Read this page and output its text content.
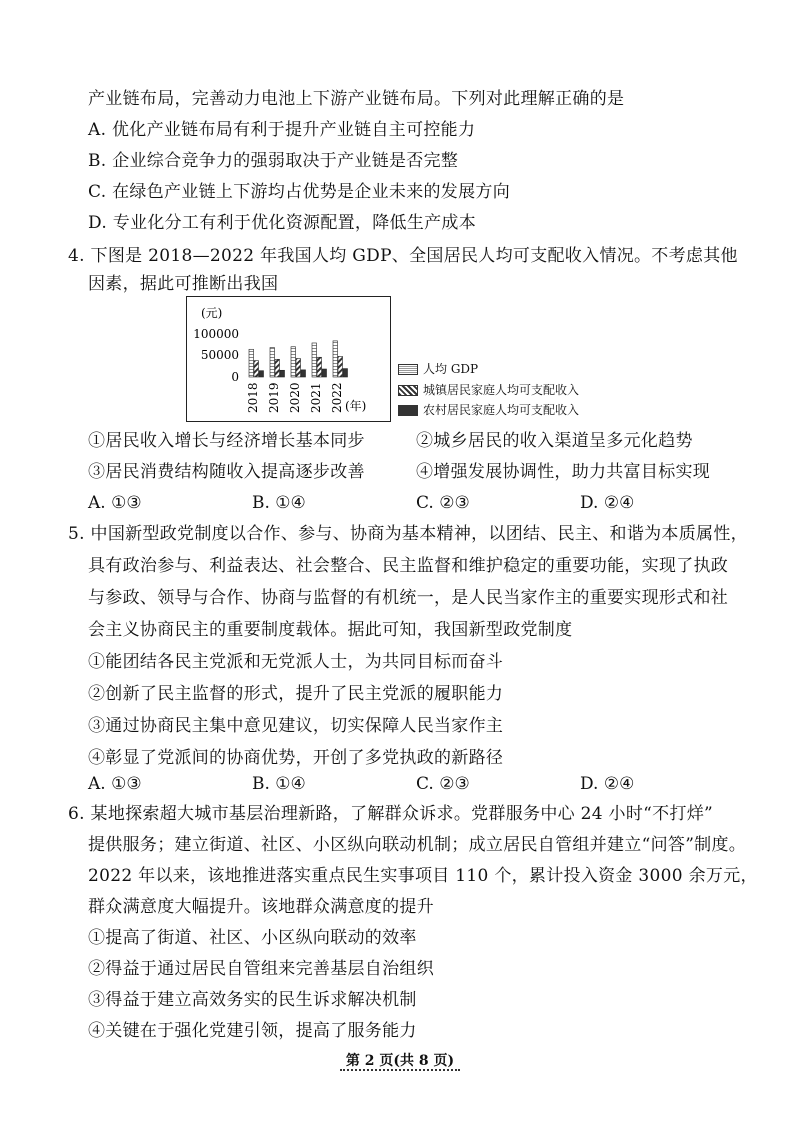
产业链布局，完善动力电池上下游产业链布局。下列对此理解正确的是
A. 优化产业链布局有利于提升产业链自主可控能力
B. 企业综合竞争力的强弱取决于产业链是否完整
C. 在绿色产业链上下游均占优势是企业未来的发展方向
D. 专业化分工有利于优化资源配置，降低生产成本
4. 下图是 2018—2022 年我国人均 GDP、全国居民人均可支配收入情况。不考虑其他
因素，据此可推断出我国
(元)
100000
50000
0
(年)
2018 2019 2020 2021 2022
人均 GDP
城镇居民家庭人均可支配收入
农村居民家庭人均可支配收入
①居民收入增长与经济增长基本同步	②城乡居民的收入渠道呈多元化趋势
③居民消费结构随收入提高逐步改善	④增强发展协调性，助力共富目标实现
A. ①③	B. ①④	C. ②③	D. ②④
5. 中国新型政党制度以合作、参与、协商为基本精神，以团结、民主、和谐为本质属性，
具有政治参与、利益表达、社会整合、民主监督和维护稳定的重要功能，实现了执政
与参政、领导与合作、协商与监督的有机统一，是人民当家作主的重要实现形式和社
会主义协商民主的重要制度载体。据此可知，我国新型政党制度
①能团结各民主党派和无党派人士，为共同目标而奋斗
②创新了民主监督的形式，提升了民主党派的履职能力
③通过协商民主集中意见建议，切实保障人民当家作主
④彰显了党派间的协商优势，开创了多党执政的新路径
A. ①③	B. ①④	C. ②③	D. ②④
6. 某地探索超大城市基层治理新路，了解群众诉求。党群服务中心 24 小时“不打烊”
提供服务；建立街道、社区、小区纵向联动机制；成立居民自管组并建立“问答”制度。
2022 年以来，该地推进落实重点民生实事项目 110 个，累计投入资金 3000 余万元，
群众满意度大幅提升。该地群众满意度的提升
①提高了街道、社区、小区纵向联动的效率
②得益于通过居民自管组来完善基层自治组织
③得益于建立高效务实的民生诉求解决机制
④关键在于强化党建引领，提高了服务能力
第 2 页(共 8 页)
